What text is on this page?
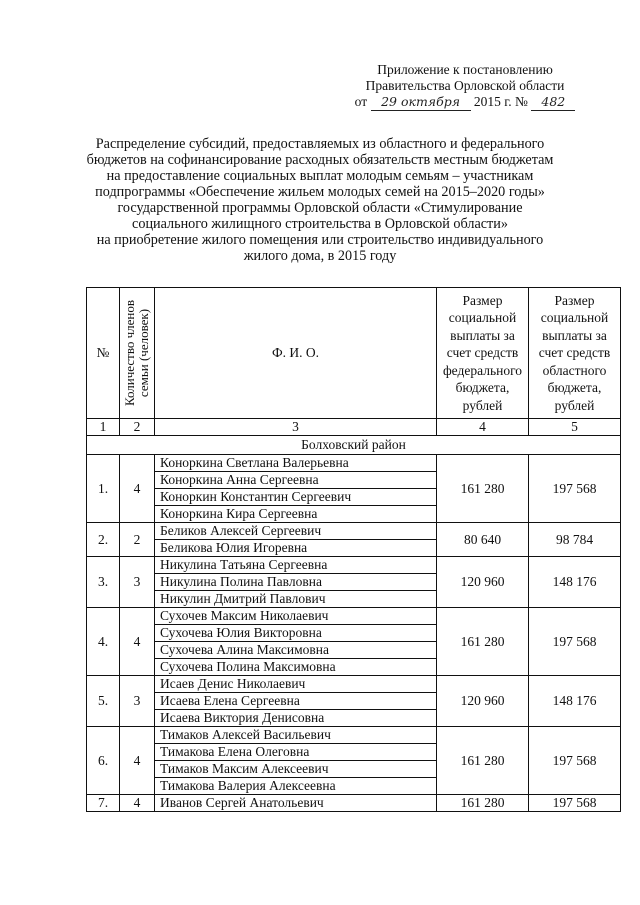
Приложение к постановлению
Правительства Орловской области
от 29 октября 2015 г. № 482
Распределение субсидий, предоставляемых из областного и федерального
бюджетов на софинансирование расходных обязательств местным бюджетам
на предоставление социальных выплат молодым семьям – участникам
подпрограммы «Обеспечение жильем молодых семей на 2015–2020 годы»
государственной программы Орловской области «Стимулирование
социального жилищного строительства в Орловской области»
на приобретение жилого помещения или строительство индивидуального
жилого дома, в 2015 году
№	Количество членов семьи (человек)	Ф. И. О.	Размер социальной выплаты за счет средств федерального бюджета, рублей	Размер социальной выплаты за счет средств областного бюджета, рублей
1	2	3	4	5
Болховский район				
1.	4	Коноркина Светлана Валерьевна	161 280	197 568
		Коноркина Анна Сергеевна		
		Коноркин Константин Сергеевич		
		Коноркина Кира Сергеевна		
2.	2	Беликов Алексей Сергеевич	80 640	98 784
		Беликова Юлия Игоревна		
3.	3	Никулина Татьяна Сергеевна	120 960	148 176
		Никулина Полина Павловна		
		Никулин Дмитрий Павлович		
4.	4	Сухочев Максим Николаевич	161 280	197 568
		Сухочева Юлия Викторовна		
		Сухочева Алина Максимовна		
		Сухочева Полина Максимовна		
5.	3	Исаев Денис Николаевич	120 960	148 176
		Исаева Елена Сергеевна		
		Исаева Виктория Денисовна		
6.	4	Тимаков Алексей Васильевич	161 280	197 568
		Тимакова Елена Олеговна		
		Тимаков Максим Алексеевич		
		Тимакова Валерия Алексеевна		
7.	4	Иванов Сергей Анатольевич	161 280	197 568
